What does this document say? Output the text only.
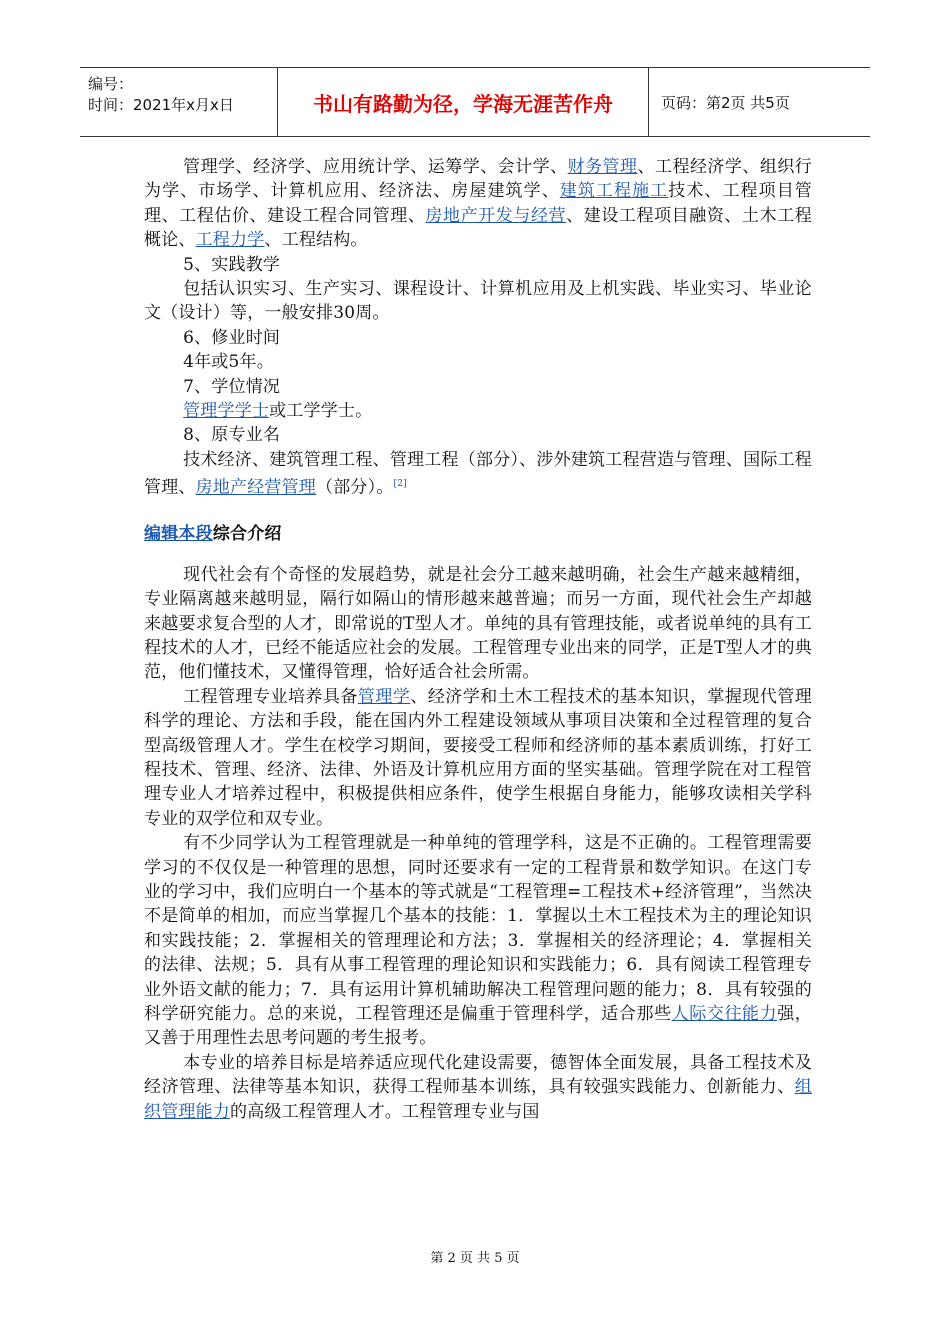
编号：
时间：2021年x月x日	书山有路勤为径，学海无涯苦作舟	页码：第2页 共5页

管理学、经济学、应用统计学、运筹学、会计学、财务管理、工程经济学、组织行为学、市场学、计算机应用、经济法、房屋建筑学、建筑工程施工技术、工程项目管理、工程估价、建设工程合同管理、房地产开发与经营、建设工程项目融资、土木工程概论、工程力学、工程结构。

5、实践教学

包括认识实习、生产实习、课程设计、计算机应用及上机实践、毕业实习、毕业论文（设计）等，一般安排30周。

6、修业时间

4年或5年。

7、学位情况

管理学学士或工学学士。

8、原专业名

技术经济、建筑管理工程、管理工程（部分）、涉外建筑工程营造与管理、国际工程管理、房地产经营管理（部分）。[2]

编辑本段综合介绍

现代社会有个奇怪的发展趋势，就是社会分工越来越明确，社会生产越来越精细，专业隔离越来越明显，隔行如隔山的情形越来越普遍；而另一方面，现代社会生产却越来越要求复合型的人才，即常说的T型人才。单纯的具有管理技能，或者说单纯的具有工程技术的人才，已经不能适应社会的发展。工程管理专业出来的同学，正是T型人才的典范，他们懂技术，又懂得管理，恰好适合社会所需。

工程管理专业培养具备管理学、经济学和土木工程技术的基本知识，掌握现代管理科学的理论、方法和手段，能在国内外工程建设领域从事项目决策和全过程管理的复合型高级管理人才。学生在校学习期间，要接受工程师和经济师的基本素质训练，打好工程技术、管理、经济、法律、外语及计算机应用方面的坚实基础。管理学院在对工程管理专业人才培养过程中，积极提供相应条件，使学生根据自身能力，能够攻读相关学科专业的双学位和双专业。

有不少同学认为工程管理就是一种单纯的管理学科，这是不正确的。工程管理需要学习的不仅仅是一种管理的思想，同时还要求有一定的工程背景和数学知识。在这门专业的学习中，我们应明白一个基本的等式就是“工程管理=工程技术+经济管理”，当然决不是简单的相加，而应当掌握几个基本的技能：1．掌握以土木工程技术为主的理论知识和实践技能；2．掌握相关的管理理论和方法；3．掌握相关的经济理论；4．掌握相关的法律、法规；5．具有从事工程管理的理论知识和实践能力；6．具有阅读工程管理专业外语文献的能力；7．具有运用计算机辅助解决工程管理问题的能力；8．具有较强的科学研究能力。总的来说，工程管理还是偏重于管理科学，适合那些人际交往能力强，又善于用理性去思考问题的考生报考。

本专业的培养目标是培养适应现代化建设需要，德智体全面发展，具备工程技术及经济管理、法律等基本知识，获得工程师基本训练，具有较强实践能力、创新能力、组织管理能力的高级工程管理人才。工程管理专业与国

第 2 页 共 5 页
